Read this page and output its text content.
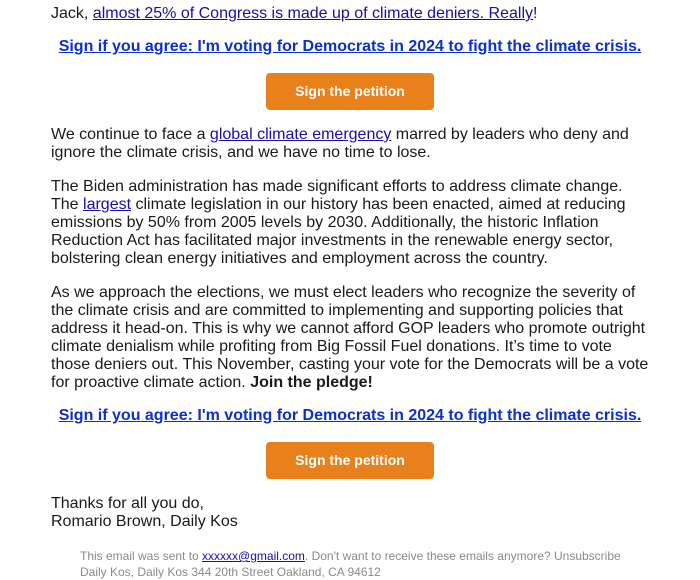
Jack, almost 25% of Congress is made up of climate deniers. Really!

Sign if you agree: I'm voting for Democrats in 2024 to fight the climate crisis.
Sign the petition

We continue to face a global climate emergency marred by leaders who deny and ignore the climate crisis, and we have no time to lose.

The Biden administration has made significant efforts to address climate change. The largest climate legislation in our history has been enacted, aimed at reducing emissions by 50% from 2005 levels by 2030. Additionally, the historic Inflation Reduction Act has facilitated major investments in the renewable energy sector, bolstering clean energy initiatives and employment across the country.

As we approach the elections, we must elect leaders who recognize the severity of the climate crisis and are committed to implementing and supporting policies that address it head-on. This is why we cannot afford GOP leaders who promote outright climate denialism while profiting from Big Fossil Fuel donations. It’s time to vote those deniers out. This November, casting your vote for the Democrats will be a vote for proactive climate action. Join the pledge!

Sign if you agree: I'm voting for Democrats in 2024 to fight the climate crisis.
Sign the petition

Thanks for all you do,
Romario Brown, Daily Kos

This email was sent to xxxxxx@gmail.com. Don't want to receive these emails anymore? Unsubscribe
Daily Kos, Daily Kos 344 20th Street Oakland, CA 94612
